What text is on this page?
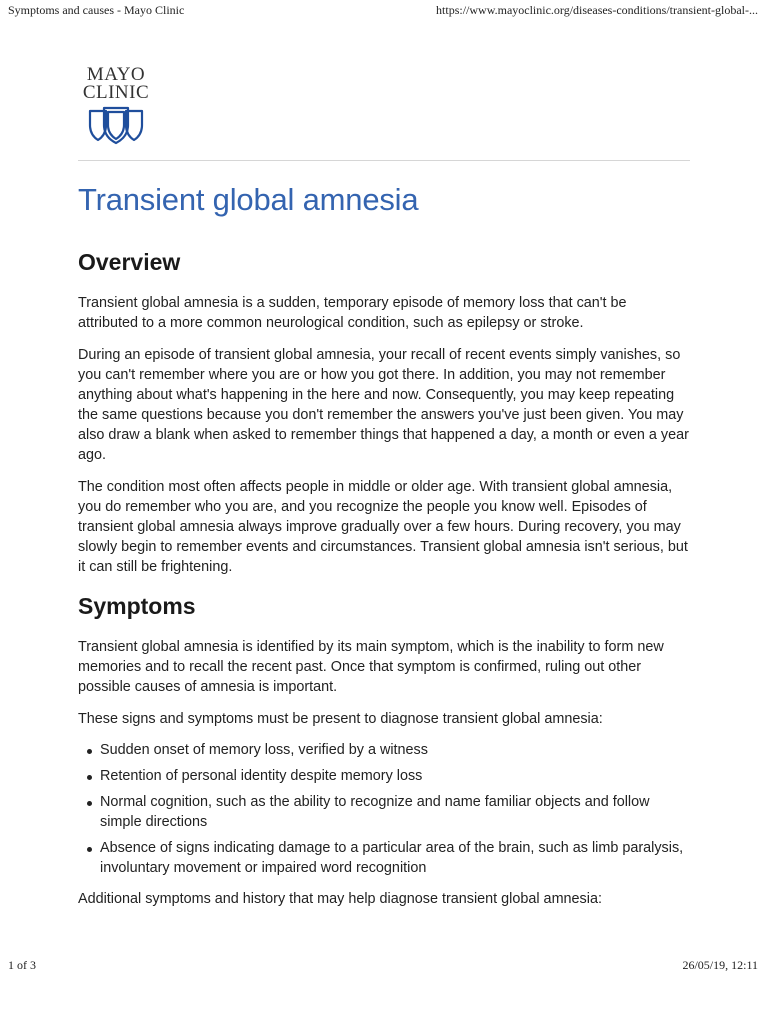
Symptoms and causes - Mayo Clinic	https://www.mayoclinic.org/diseases-conditions/transient-global-...
MAYO
CLINIC
Transient global amnesia
Overview

Transient global amnesia is a sudden, temporary episode of memory loss that can't be attributed to a more common neurological condition, such as epilepsy or stroke.

During an episode of transient global amnesia, your recall of recent events simply vanishes, so you can't remember where you are or how you got there. In addition, you may not remember anything about what's happening in the here and now. Consequently, you may keep repeating the same questions because you don't remember the answers you've just been given. You may also draw a blank when asked to remember things that happened a day, a month or even a year ago.

The condition most often affects people in middle or older age. With transient global amnesia, you do remember who you are, and you recognize the people you know well. Episodes of transient global amnesia always improve gradually over a few hours. During recovery, you may slowly begin to remember events and circumstances. Transient global amnesia isn't serious, but it can still be frightening.

Symptoms

Transient global amnesia is identified by its main symptom, which is the inability to form new memories and to recall the recent past. Once that symptom is confirmed, ruling out other possible causes of amnesia is important.

These signs and symptoms must be present to diagnose transient global amnesia:

Sudden onset of memory loss, verified by a witness
Retention of personal identity despite memory loss
Normal cognition, such as the ability to recognize and name familiar objects and follow simple directions
Absence of signs indicating damage to a particular area of the brain, such as limb paralysis, involuntary movement or impaired word recognition

Additional symptoms and history that may help diagnose transient global amnesia:

1 of 3	26/05/19, 12:11
